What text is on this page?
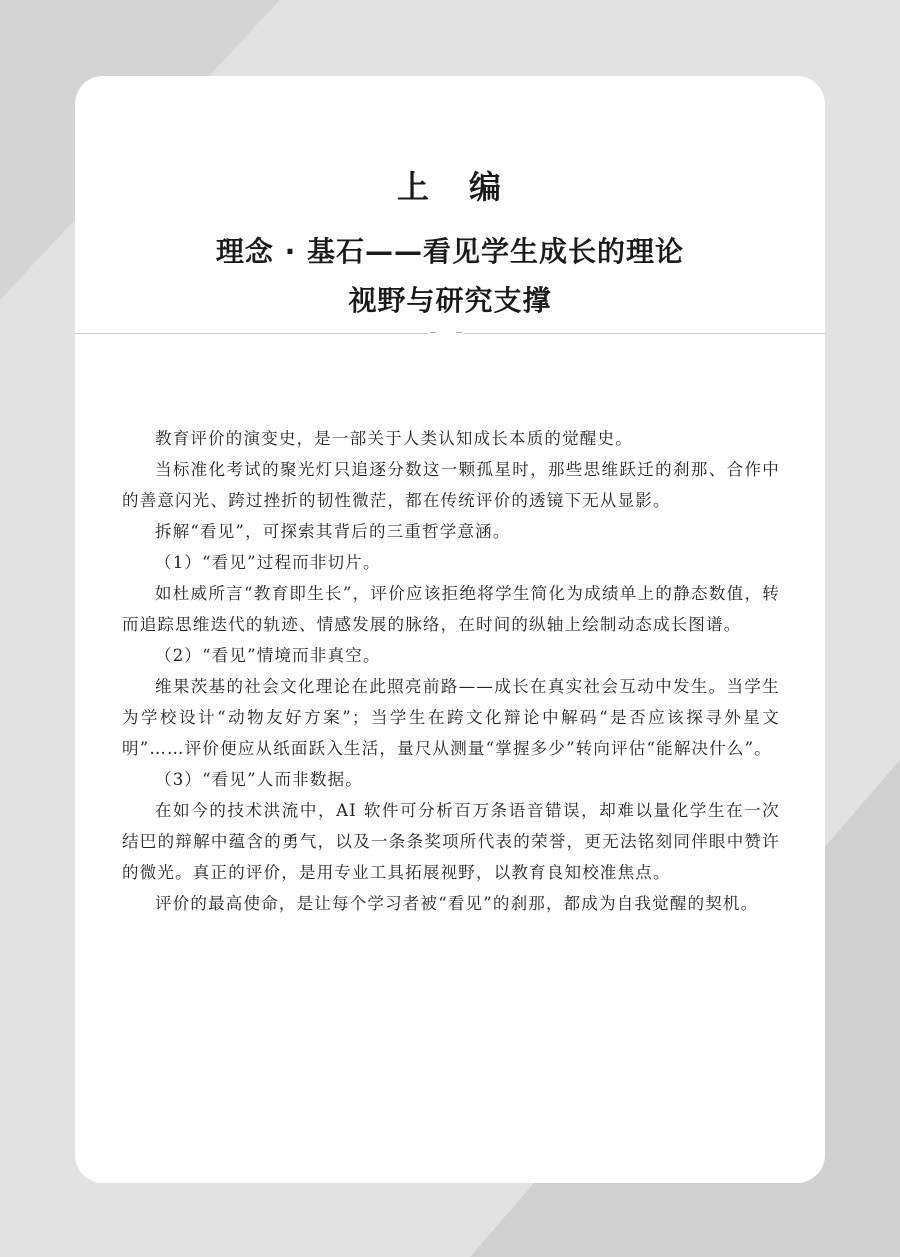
上 编
理念 · 基石——看见学生成长的理论
视野与研究支撑

教育评价的演变史，是一部关于人类认知成长本质的觉醒史。

当标准化考试的聚光灯只追逐分数这一颗孤星时，那些思维跃迁的刹那、合作中的善意闪光、跨过挫折的韧性微茫，都在传统评价的透镜下无从显影。

拆解“看见”，可探索其背后的三重哲学意涵。

（1）“看见”过程而非切片。

如杜威所言“教育即生长”，评价应该拒绝将学生简化为成绩单上的静态数值，转而追踪思维迭代的轨迹、情感发展的脉络，在时间的纵轴上绘制动态成长图谱。

（2）“看见”情境而非真空。

维果茨基的社会文化理论在此照亮前路——成长在真实社会互动中发生。当学生为学校设计“动物友好方案”；当学生在跨文化辩论中解码“是否应该探寻外星文明”……评价便应从纸面跃入生活，量尺从测量“掌握多少”转向评估“能解决什么”。

（3）“看见”人而非数据。

在如今的技术洪流中，AI 软件可分析百万条语音错误，却难以量化学生在一次结巴的辩解中蕴含的勇气，以及一条条奖项所代表的荣誉，更无法铭刻同伴眼中赞许的微光。真正的评价，是用专业工具拓展视野，以教育良知校准焦点。

评价的最高使命，是让每个学习者被“看见”的刹那，都成为自我觉醒的契机。
